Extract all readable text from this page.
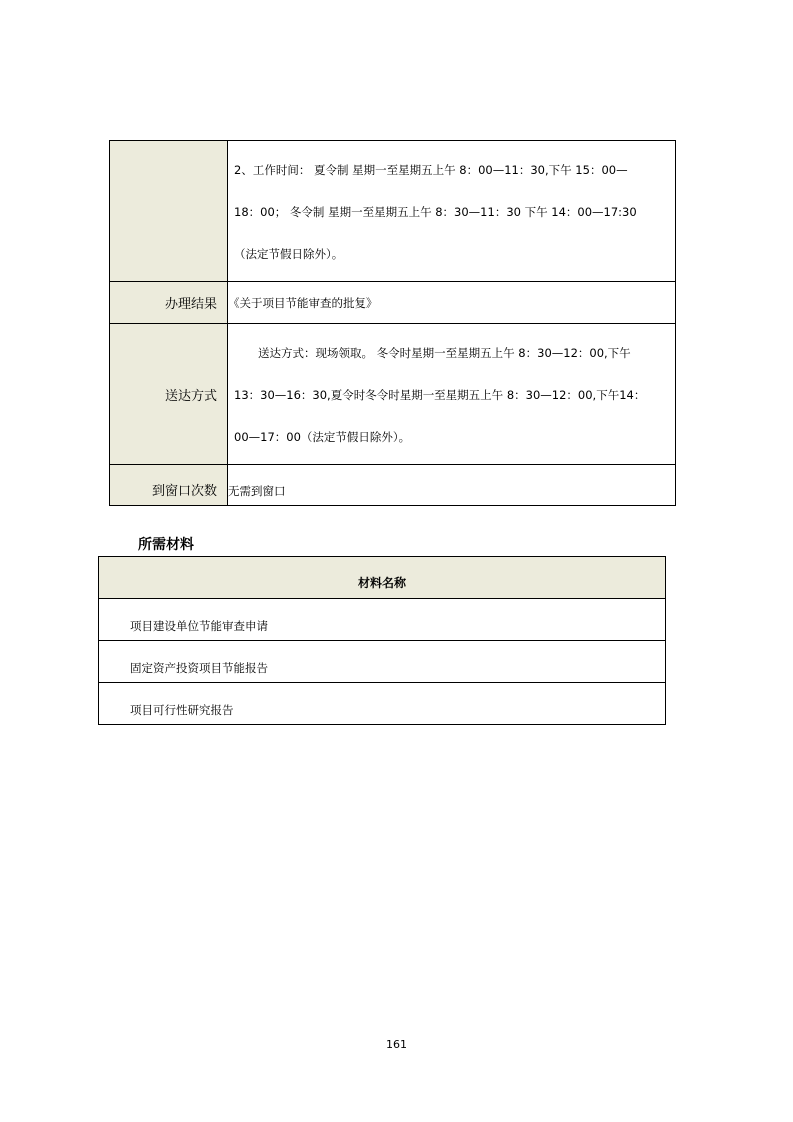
	2、工作时间： 夏令制 星期一至星期五上午 8：00—11：30,下午 15：00—

18：00； 冬令制 星期一至星期五上午 8：30—11：30 下午 14：00—17:30

（法定节假日除外）。

办理结果	《关于项目节能审查的批复》
送达方式	送达方式：现场领取。 冬令时星期一至星期五上午 8：30—12：00,下午

13：30—16：30,夏令时冬令时星期一至星期五上午 8：30—12：00,下午14：

00—17：00（法定节假日除外）。

到窗口次数	无需到窗口
所需材料
材料名称
项目建设单位节能审查申请
固定资产投资项目节能报告
项目可行性研究报告
161
